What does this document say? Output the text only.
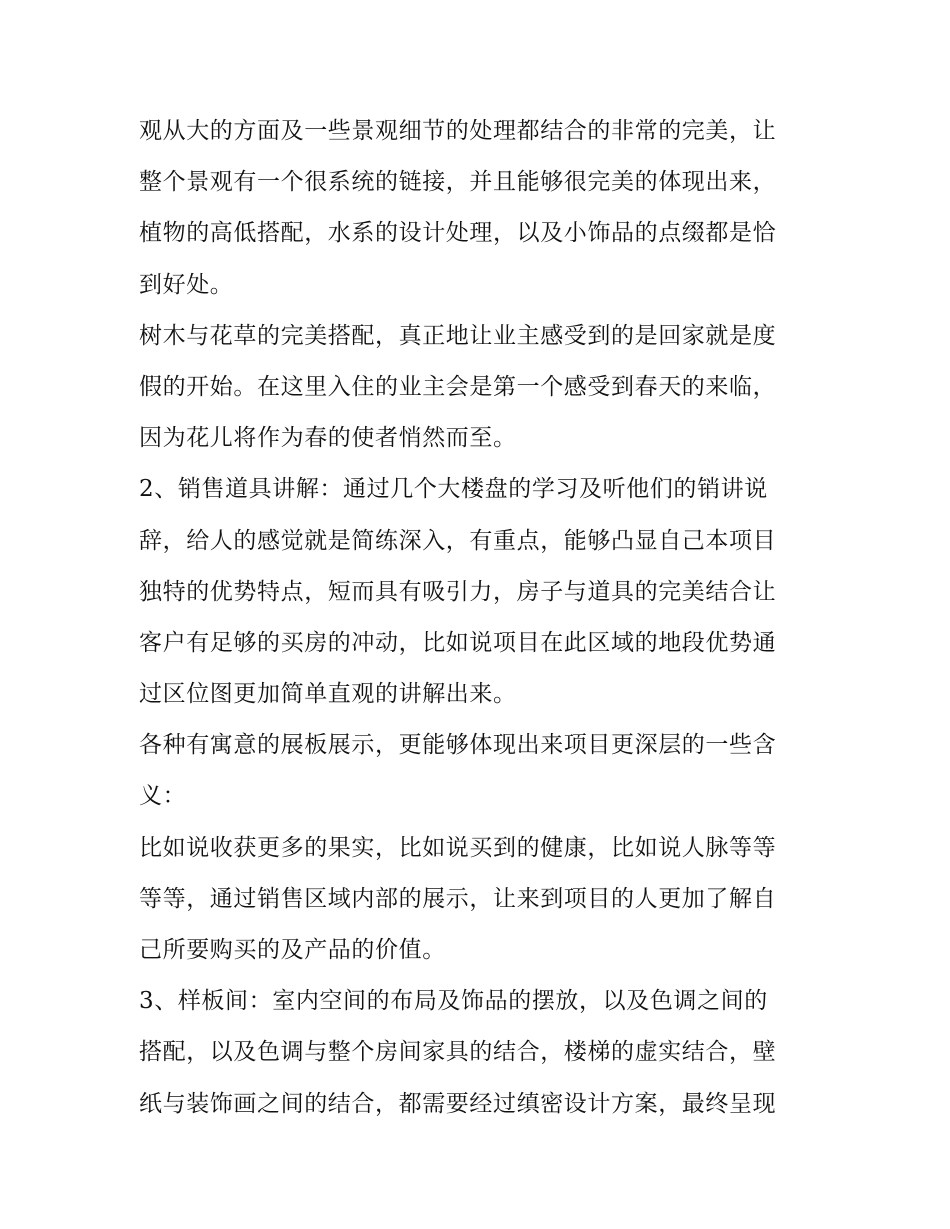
观从大的方面及一些景观细节的处理都结合的非常的完美，让
整个景观有一个很系统的链接，并且能够很完美的体现出来，
植物的高低搭配，水系的设计处理，以及小饰品的点缀都是恰
到好处。
树木与花草的完美搭配，真正地让业主感受到的是回家就是度
假的开始。在这里入住的业主会是第一个感受到春天的来临，
因为花儿将作为春的使者悄然而至。
2、销售道具讲解：通过几个大楼盘的学习及听他们的销讲说
辞，给人的感觉就是简练深入，有重点，能够凸显自己本项目
独特的优势特点，短而具有吸引力，房子与道具的完美结合让
客户有足够的买房的冲动，比如说项目在此区域的地段优势通
过区位图更加简单直观的讲解出来。
各种有寓意的展板展示，更能够体现出来项目更深层的一些含
义：
比如说收获更多的果实，比如说买到的健康，比如说人脉等等
等等，通过销售区域内部的展示，让来到项目的人更加了解自
己所要购买的及产品的价值。
3、样板间：室内空间的布局及饰品的摆放，以及色调之间的
搭配，以及色调与整个房间家具的结合，楼梯的虚实结合，壁
纸与装饰画之间的结合，都需要经过缜密设计方案，最终呈现
